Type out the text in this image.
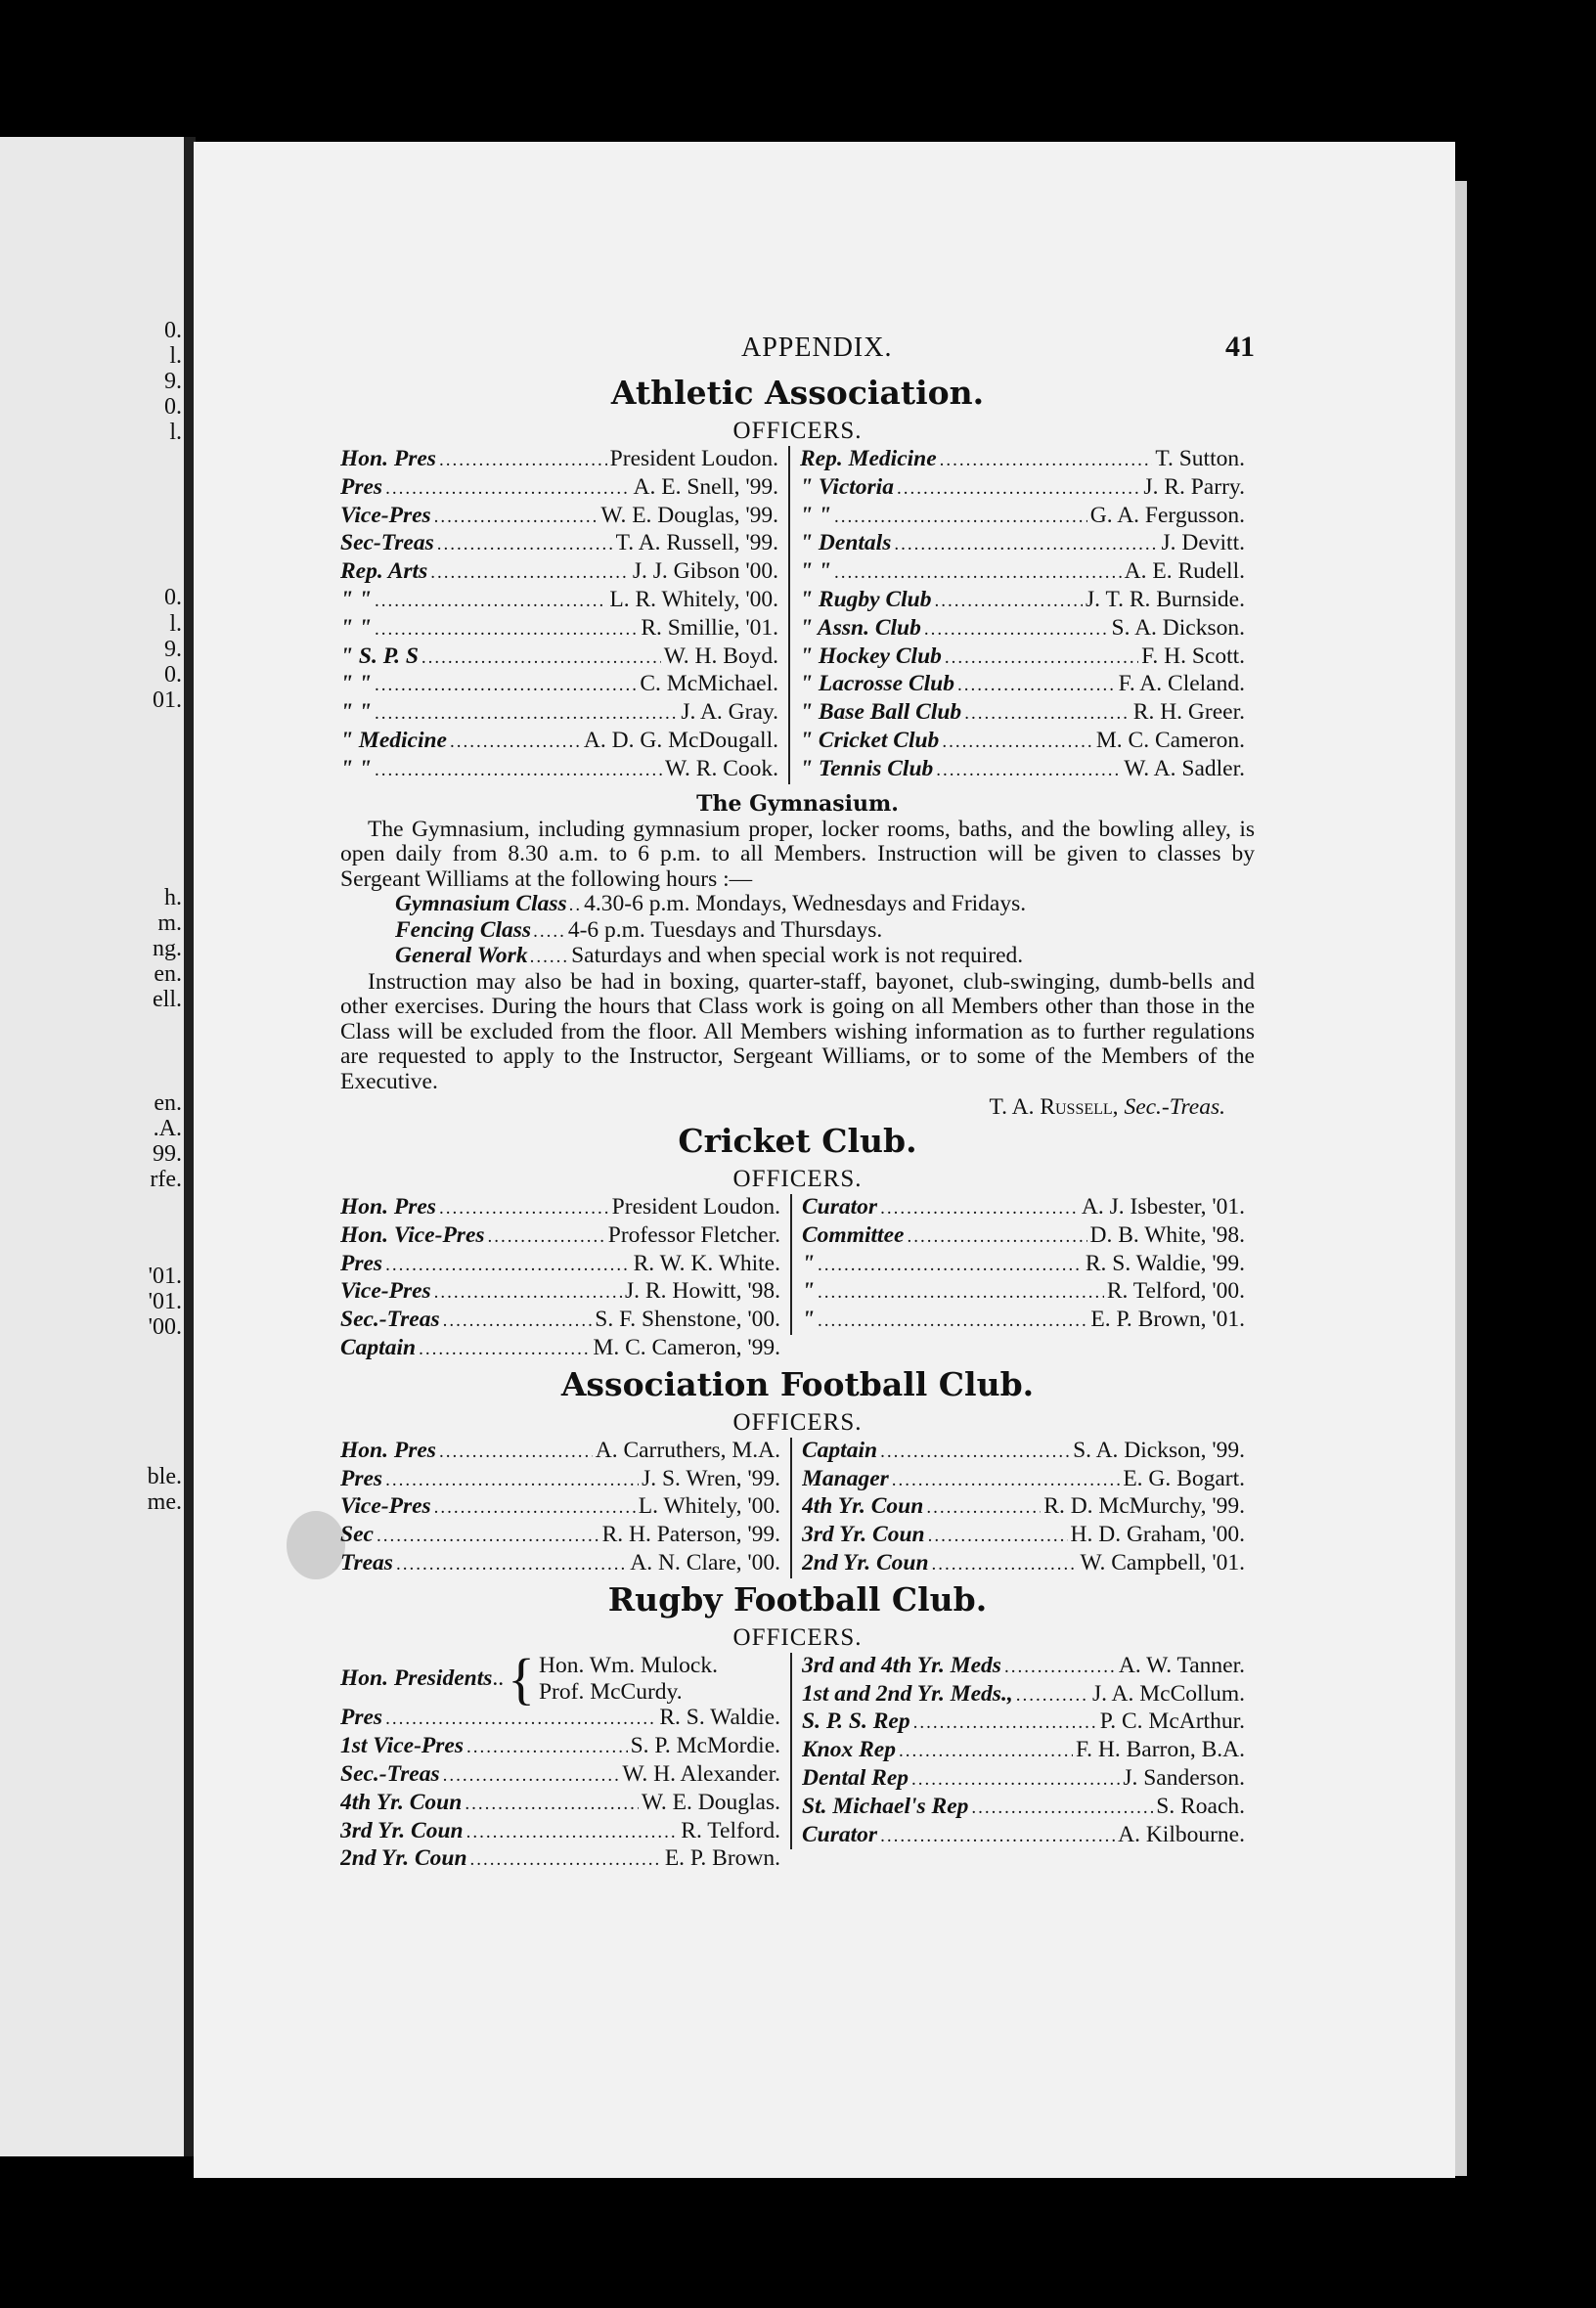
0.
l.
9.
0.
l.
0.
l.
9.
0.
01.
h.
m.
ng.
en.
ell.
en.
.A.
99.
rfe.
'01.
'01.
'00.
ble.
me.
APPENDIX.	41
Athletic Association.
OFFICERS.
Hon. Pres .....	President Loudon.
Pres .....	A. E. Snell, '99.
Vice-Pres .....	W. E. Douglas, '99.
Sec-Treas .....	T. A. Russell, '99.
Rep. Arts .....	J. J. Gibson '00.
" " .....	L. R. Whitely, '00.
" " .....	R. Smillie, '01.
" S. P. S .....	W. H. Boyd.
" " .....	C. McMichael.
" " .....	J. A. Gray.
" Medicine .....	A. D. G. McDougall.
" " .....	W. R. Cook.
Rep. Medicine .....	T. Sutton.
" Victoria .....	J. R. Parry.
" " .....	G. A. Fergusson.
" Dentals .....	J. Devitt.
" " .....	A. E. Rudell.
" Rugby Club .....	J. T. R. Burnside.
" Assn. Club .....	S. A. Dickson.
" Hockey Club .....	F. H. Scott.
" Lacrosse Club .....	F. A. Cleland.
" Base Ball Club .....	R. H. Greer.
" Cricket Club .....	M. C. Cameron.
" Tennis Club .....	W. A. Sadler.
The Gymnasium.

The Gymnasium, including gymnasium proper, locker rooms, baths, and the bowling alley, is open daily from 8.30 a.m. to 6 p.m. to all Members. Instruction will be given to classes by Sergeant Williams at the following hours :—

Gymnasium Class .. 4.30-6 p.m. Mondays, Wednesdays and Fridays.
Fencing Class ..... 4-6 p.m. Tuesdays and Thursdays.
General Work ...... Saturdays and when special work is not required.

Instruction may also be had in boxing, quarter-staff, bayonet, club-swinging, dumb-bells and other exercises. During the hours that Class work is going on all Members other than those in the Class will be excluded from the floor. All Members wishing information as to further regulations are requested to apply to the Instructor, Sergeant Williams, or to some of the Members of the Executive.

T. A. Russell, Sec.-Treas.
Cricket Club.
OFFICERS.
Hon. Pres .....	President Loudon.
Hon. Vice-Pres .....	Professor Fletcher.
Pres .....	R. W. K. White.
Vice-Pres .....	J. R. Howitt, '98.
Sec.-Treas .....	S. F. Shenstone, '00.
Captain .....	M. C. Cameron, '99.
Curator .....	A. J. Isbester, '01.
Committee .....	D. B. White, '98.
" .....	R. S. Waldie, '99.
" .....	R. Telford, '00.
" .....	E. P. Brown, '01.
Association Football Club.
OFFICERS.
Hon. Pres .....	A. Carruthers, M.A.
Pres .....	J. S. Wren, '99.
Vice-Pres .....	L. Whitely, '00.
Sec .....	R. H. Paterson, '99.
Treas .....	A. N. Clare, '00.
Captain .....	S. A. Dickson, '99.
Manager .....	E. G. Bogart.
4th Yr. Coun .....	R. D. McMurchy, '99.
3rd Yr. Coun .....	H. D. Graham, '00.
2nd Yr. Coun .....	W. Campbell, '01.
Rugby Football Club.
OFFICERS.
Hon. Presidents .. { Hon. Wm. Mulock.
Prof. McCurdy.
Pres .....	R. S. Waldie.
1st Vice-Pres .....	S. P. McMordie.
Sec.-Treas .....	W. H. Alexander.
4th Yr. Coun .....	W. E. Douglas.
3rd Yr. Coun .....	R. Telford.
2nd Yr. Coun .....	E. P. Brown.
3rd and 4th Yr. Meds .....	A. W. Tanner.
1st and 2nd Yr. Meds., .....	J. A. McCollum.
S. P. S. Rep .....	P. C. McArthur.
Knox Rep .....	F. H. Barron, B.A.
Dental Rep .....	J. Sanderson.
St. Michael's Rep .....	S. Roach.
Curator .....	A. Kilbourne.
